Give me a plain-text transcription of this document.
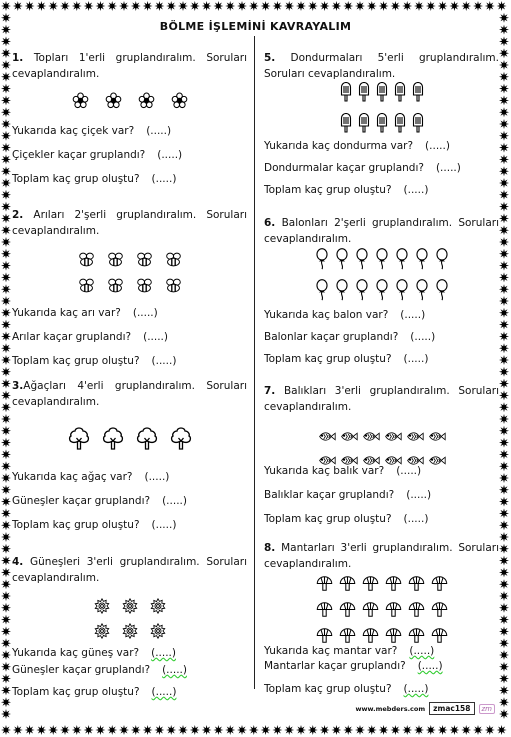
BÖLME İŞLEMİNİ KAVRAYALIM

1. Topları 1'erli gruplandıralım. Soruları cevaplandıralım.

Yukarıda kaç çiçek var? (.....)
Çiçekler kaçar gruplandı? (.....)
Toplam kaç grup oluştu? (.....)

2. Arıları 2'şerli gruplandıralım. Soruları cevaplandıralım.

Yukarıda kaç arı var? (.....)
Arılar kaçar gruplandı? (.....)
Toplam kaç grup oluştu? (.....)

3.Ağaçları 4'erli gruplandıralım. Soruları cevaplandıralım.

Yukarıda kaç ağaç var? (.....)
Güneşler kaçar gruplandı? (.....)
Toplam kaç grup oluştu? (.....)

4. Güneşleri 3'erli gruplandıralım. Soruları cevaplandıralım.

Yukarıda kaç güneş var? (.....)
Güneşler kaçar gruplandı? (.....)
Toplam kaç grup oluştu? (.....)

5. Dondurmaları 5'erli gruplandıralım. Soruları cevaplandıralım.

Yukarıda kaç dondurma var? (.....)
Dondurmalar kaçar gruplandı? (.....)
Toplam kaç grup oluştu? (.....)

6. Balonları 2'şerli gruplandıralım. Soruları cevaplandıralım.

Yukarıda kaç balon var? (.....)
Balonlar kaçar gruplandı? (.....)
Toplam kaç grup oluştu? (.....)

7. Balıkları 3'erli gruplandıralım. Soruları cevaplandıralım.

Yukarıda kaç balık var? (.....)
Balıklar kaçar gruplandı? (.....)
Toplam kaç grup oluştu? (.....)

8. Mantarları 3'erli gruplandıralım. Soruları cevaplandıralım.

Yukarıda kaç mantar var? (.....)
Mantarlar kaçar gruplandı? (.....)
Toplam kaç grup oluştu? (.....)
www.mebders.com	zmac158	zm
